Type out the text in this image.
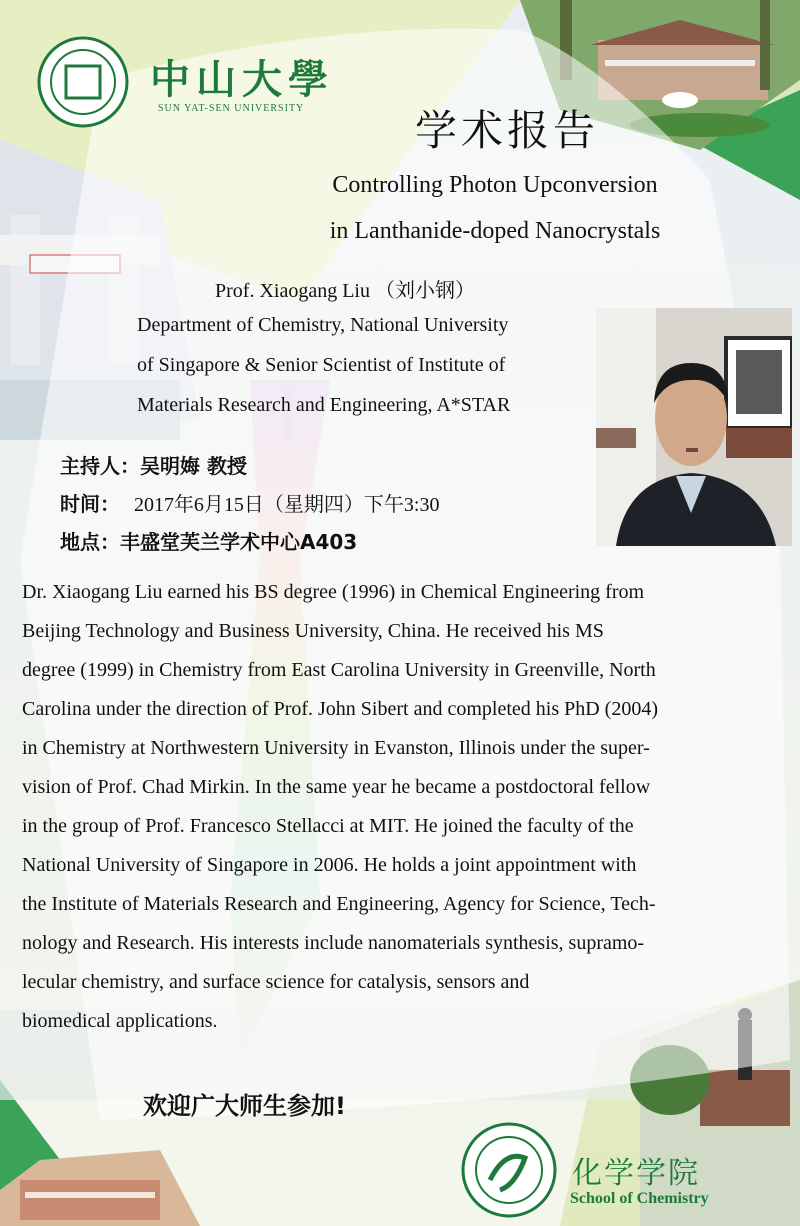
中山大學
SUN YAT-SEN UNIVERSITY	学术报告
Controlling Photon Upconversion
in Lanthanide-doped Nanocrystals
Prof. Xiaogang Liu （刘小钢）
Department of Chemistry, National University
of Singapore & Senior Scientist of Institute of
Materials Research and Engineering, A*STAR
主持人：吴明娒 教授
时间： 2017年6月15日（星期四）下午3:30
地点：丰盛堂芙兰学术中心A403
Dr. Xiaogang Liu earned his BS degree (1996) in Chemical Engineering from
Beijing Technology and Business University, China. He received his MS
degree (1999) in Chemistry from East Carolina University in Greenville, North
Carolina under the direction of Prof. John Sibert and completed his PhD (2004)
in Chemistry at Northwestern University in Evanston, Illinois under the super-
vision of Prof. Chad Mirkin. In the same year he became a postdoctoral fellow
in the group of Prof. Francesco Stellacci at MIT. He joined the faculty of the
National University of Singapore in 2006. He holds a joint appointment with
the Institute of Materials Research and Engineering, Agency for Science, Tech-
nology and Research. His interests include nanomaterials synthesis, supramo-
lecular chemistry, and surface science for catalysis, sensors and
biomedical applications.
欢迎广大师生参加!
化学学院
School of Chemistry
